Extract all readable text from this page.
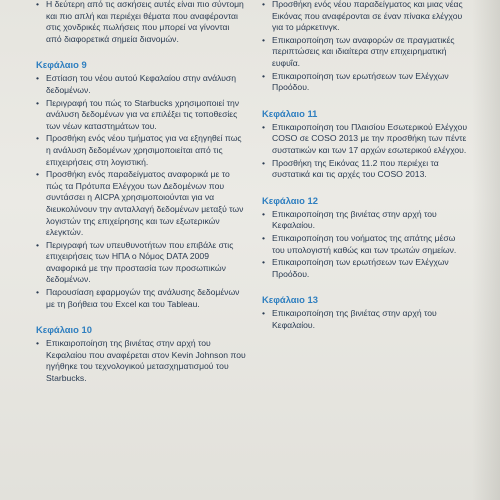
• Η δεύτερη από τις ασκήσεις αυτές είναι πιο σύντομη και πιο απλή και περιέχει θέματα που αναφέρονται στις χονδρικές πωλήσεις που μπορεί να γίνονται από διαφορετικά σημεία διανομών.
Κεφάλαιο 9
• Εστίαση του νέου αυτού Κεφαλαίου στην ανάλυση δεδομένων.
• Περιγραφή του πώς το Starbucks χρησιμοποιεί την ανάλυση δεδομένων για να επιλέξει τις τοποθεσίες των νέων καταστημάτων του.
• Προσθήκη ενός νέου τμήματος για να εξηγηθεί πως η ανάλυση δεδομένων χρησιμοποιείται από τις επιχειρήσεις στη λογιστική.
• Προσθήκη ενός παραδείγματος αναφορικά με το πώς τα Πρότυπα Ελέγχου των Δεδομένων που συντάσσει η AICPA χρησιμοποιούνται για να διευκολύνουν την ανταλλαγή δεδομένων μεταξύ των λογιστών της επιχείρησης και των εξωτερικών ελεγκτών.
• Περιγραφή των υπευθυνοτήτων που επιβάλε στις επιχειρήσεις των ΗΠΑ ο Νόμος DATA 2009 αναφορικά με την προστασία των προσωπικών δεδομένων.
• Παρουσίαση εφαρμογών της ανάλυσης δεδομένων με τη βοήθεια του Excel και του Tableau.
Κεφάλαιο 10
• Επικαιροποίηση της βινιέτας στην αρχή του Κεφαλαίου που αναφέρεται στον Kevin Johnson που ηγήθηκε του τεχνολογικού μετασχηματισμού του Starbucks.
• Προσθήκη ενός νέου παραδείγματος και μιας νέας Εικόνας που αναφέρονται σε έναν πίνακα ελέγχου για το μάρκετινγκ.
• Επικαιροποίηση των αναφορών σε πραγματικές περιπτώσεις και ιδιαίτερα στην επιχειρηματική ευφυΐα.
• Επικαιροποίηση των ερωτήσεων των Ελέγχων Προόδου.
Κεφάλαιο 11
• Επικαιροποίηση του Πλαισίου Εσωτερικού Ελέγχου COSO σε COSO 2013 με την προσθήκη των πέντε συστατικών και των 17 αρχών εσωτερικού ελέγχου.
• Προσθήκη της Εικόνας 11.2 που περιέχει τα συστατικά και τις αρχές του COSO 2013.
Κεφάλαιο 12
• Επικαιροποίηση της βινιέτας στην αρχή του Κεφαλαίου.
• Επικαιροποίηση του νοήματος της απάτης μέσω του υπολογιστή καθώς και των τρωτών σημείων.
• Επικαιροποίηση των ερωτήσεων των Ελέγχων Προόδου.
Κεφάλαιο 13
• Επικαιροποίηση της βινιέτας στην αρχή του Κεφαλαίου.
